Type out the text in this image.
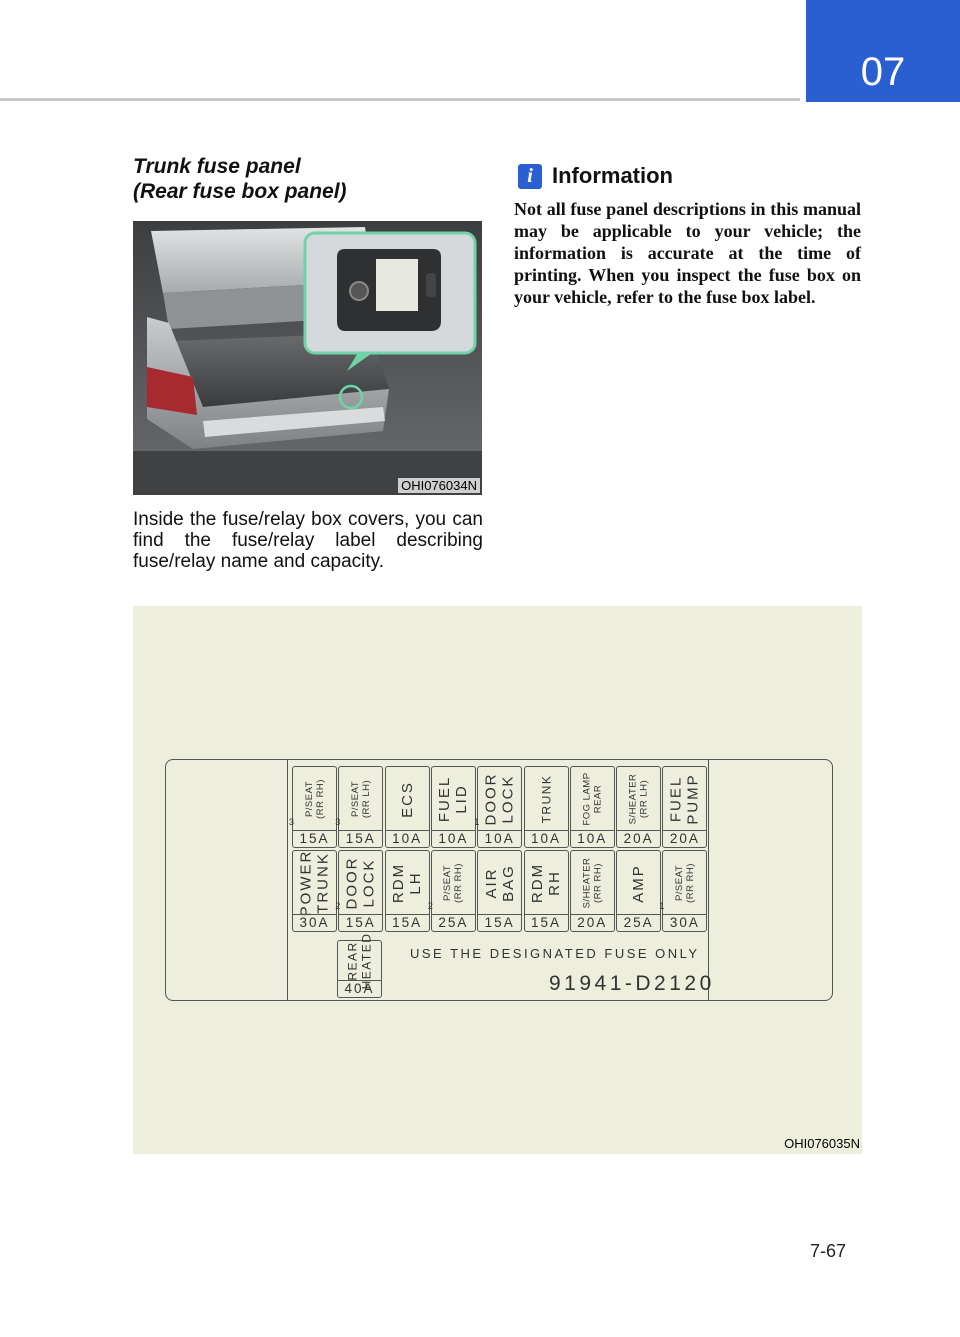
07
Trunk fuse panel
(Rear fuse box panel)
OHI076034N

Inside the fuse/relay box covers, you can find the fuse/relay label describing fuse/relay name and capacity.

i Information

Not all fuse panel descriptions in this manual may be applicable to your vehicle; the information is accurate at the time of printing. When you inspect the fuse box on your vehicle, refer to the fuse box label.

P/SEAT
(RR RH)
15A
3
P/SEAT
(RR LH)
15A
3
ECS
10A
FUEL
LID
10A
DOOR
LOCK
10A
1	TRUNK
10A
FOG LAMP
REAR
10A
S/HEATER
(RR LH)
20A
FUEL
PUMP
20A
POWER
TRUNK
30A
DOOR
LOCK
15A
2
RDM
LH
15A
P/SEAT
(RR RH)
25A
2
AIR
BAG
15A
RDM
RH
15A
S/HEATER
(RR RH)
20A
AMP
25A
P/SEAT
(RR RH)
30A
1
REAR
HEATED
40A
USE THE DESIGNATED FUSE ONLY
91941-D2120
OHI076035N
7-67
